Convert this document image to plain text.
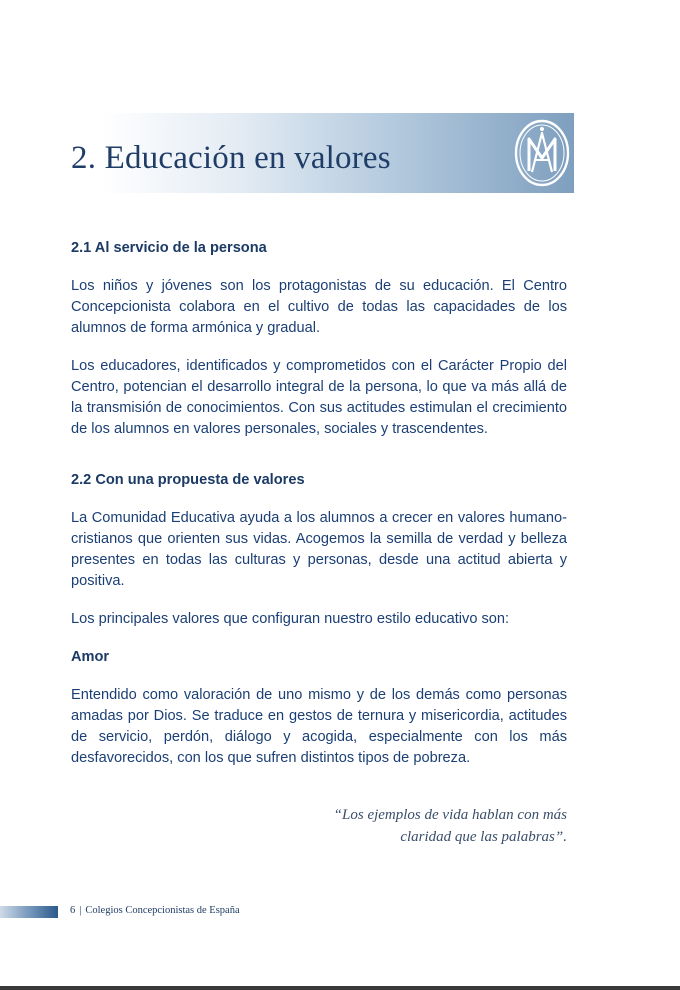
2. Educación en valores
2.1 Al servicio de la persona

Los niños y jóvenes son los protagonistas de su educación. El Centro Concepcionista colabora en el cultivo de todas las capacidades de los alumnos de forma armónica y gradual.

Los educadores, identificados y comprometidos con el Carácter Propio del Centro, potencian el desarrollo integral de la persona, lo que va más allá de la transmisión de conocimientos. Con sus actitudes estimulan el crecimiento de los alumnos en valores personales, sociales y trascendentes.

2.2 Con una propuesta de valores

La Comunidad Educativa ayuda a los alumnos a crecer en valores humano-cristianos que orienten sus vidas. Acogemos la semilla de verdad y belleza presentes en todas las culturas y personas, desde una actitud abierta y positiva.

Los principales valores que configuran nuestro estilo educativo son:

Amor

Entendido como valoración de uno mismo y de los demás como personas amadas por Dios. Se traduce en gestos de ternura y misericordia, actitudes de servicio, perdón, diálogo y acogida, especialmente con los más desfavorecidos, con los que sufren distintos tipos de pobreza.

“Los ejemplos de vida hablan con más
claridad que las palabras”.
6 | Colegios Concepcionistas de España
